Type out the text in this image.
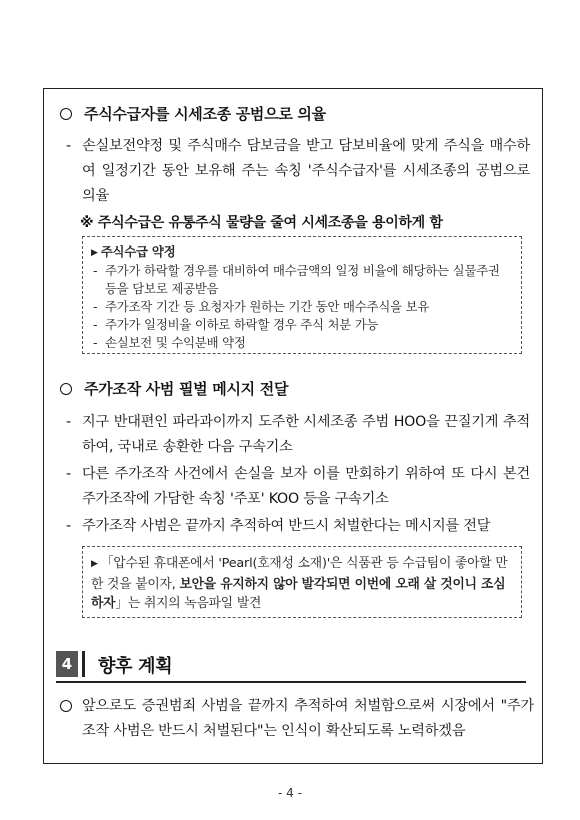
주식수급자를 시세조종 공범으로 의율
- 손실보전약정 및 주식매수 담보금을 받고 담보비율에 맞게 주식을 매수하여 일정기간 동안 보유해 주는 속칭 '주식수급자'를 시세조종의 공범으로 의율
※ 주식수급은 유통주식 물량을 줄여 시세조종을 용이하게 함
▶ 주식수급 약정
- 주가가 하락할 경우를 대비하여 매수금액의 일정 비율에 해당하는 실물주권 등을 담보로 제공받음
- 주가조작 기간 등 요청자가 원하는 기간 동안 매수주식을 보유
- 주가가 일정비율 이하로 하락할 경우 주식 처분 가능
- 손실보전 및 수익분배 약정
주가조작 사범 필벌 메시지 전달
- 지구 반대편인 파라과이까지 도주한 시세조종 주범 HOO을 끈질기게 추적하여, 국내로 송환한 다음 구속기소
- 다른 주가조작 사건에서 손실을 보자 이를 만회하기 위하여 또 다시 본건 주가조작에 가담한 속칭 '주포' KOO 등을 구속기소
- 주가조작 사범은 끝까지 추적하여 반드시 처벌한다는 메시지를 전달
▶ 「압수된 휴대폰에서 'Pearl(호재성 소재)'은 식품관 등 수급팀이 좋아할 만한 것을 붙이자, 보안을 유지하지 않아 발각되면 이번에 오래 살 것이니 조심하자」는 취지의 녹음파일 발견
4	향후 계획
앞으로도 증권범죄 사범을 끝까지 추적하여 처벌함으로써 시장에서 "주가조작 사범은 반드시 처벌된다"는 인식이 확산되도록 노력하겠음
- 4 -
